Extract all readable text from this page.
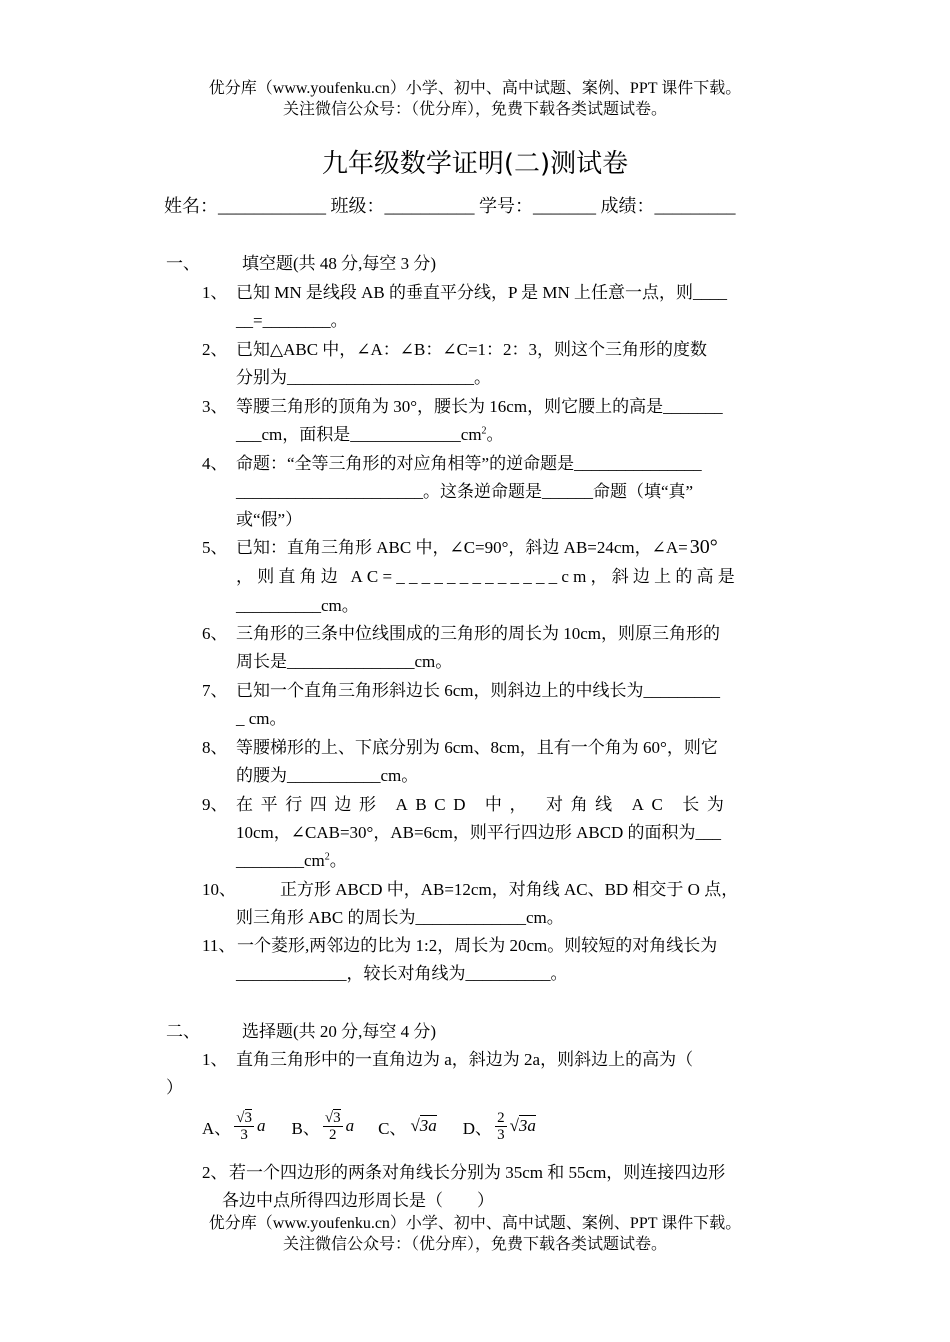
优分库（www.youfenku.cn）小学、初中、高中试题、案例、PPT 课件下载。
关注微信公众号：（优分库），免费下载各类试题试卷。
九年级数学证明(二)测试卷
姓名：____________ 班级：__________ 学号：_______ 成绩：_________
一、 填空题(共 48 分,每空 3 分)
1、 已知 MN 是线段 AB 的垂直平分线，P 是 MN 上任意一点，则____
__=________。
2、 已知△ABC 中，∠A：∠B：∠C=1：2：3，则这个三角形的度数
分别为______________________。
3、 等腰三角形的顶角为 30°，腰长为 16cm，则它腰上的高是_______
___cm，面积是$\_\_\_\_\_\_\_\_\_\_\_\_\_cm^2$。
4、 命题：“全等三角形的对应角相等”的逆命题是_______________
______________________。这条逆命题是______命题（填“真”
或“假”）
5、 已知：直角三角形 ABC 中，∠C=90°，斜边 AB=24cm，∠A= 30°
，则直角边 AC=_____________cm，斜边上的高是
__________cm。
6、 三角形的三条中位线围成的三角形的周长为 10cm，则原三角形的
周长是_______________cm。
7、 已知一个直角三角形斜边长 6cm，则斜边上的中线长为_________
_ cm。
8、 等腰梯形的上、下底分别为 6cm、8cm，且有一个角为 60°，则它
的腰为___________cm。
9、 在平行四边形 ABCD 中， 对角线 AC 长为
10cm，∠CAB=30°，AB=6cm，则平行四边形 ABCD 的面积为___
$\_\_\_\_\_\_\_\_cm^2$。
10、	正方形 ABCD 中，AB=12cm，对角线 AC、BD 相交于 O 点，
则三角形 ABC 的周长为_____________cm。
11、 一个菱形,两邻边的比为 1:2，周长为 20cm。则较短的对角线长为
_____________，较长对角线为__________。
二、 选择题(共 20 分,每空 4 分)
1、 直角三角形中的一直角边为 a，斜边为 2a，则斜边上的高为（
）
A、 $\frac{√3}{3}$ a B、 $\frac{√3}{2}$ a C、 √3a D、 $\frac{2}{3} √3a$
2、 若一个四边形的两条对角线长分别为 35cm 和 55cm，则连接四边形
各边中点所得四边形周长是（　　）
优分库（www.youfenku.cn）小学、初中、高中试题、案例、PPT 课件下载。
关注微信公众号：（优分库），免费下载各类试题试卷。
